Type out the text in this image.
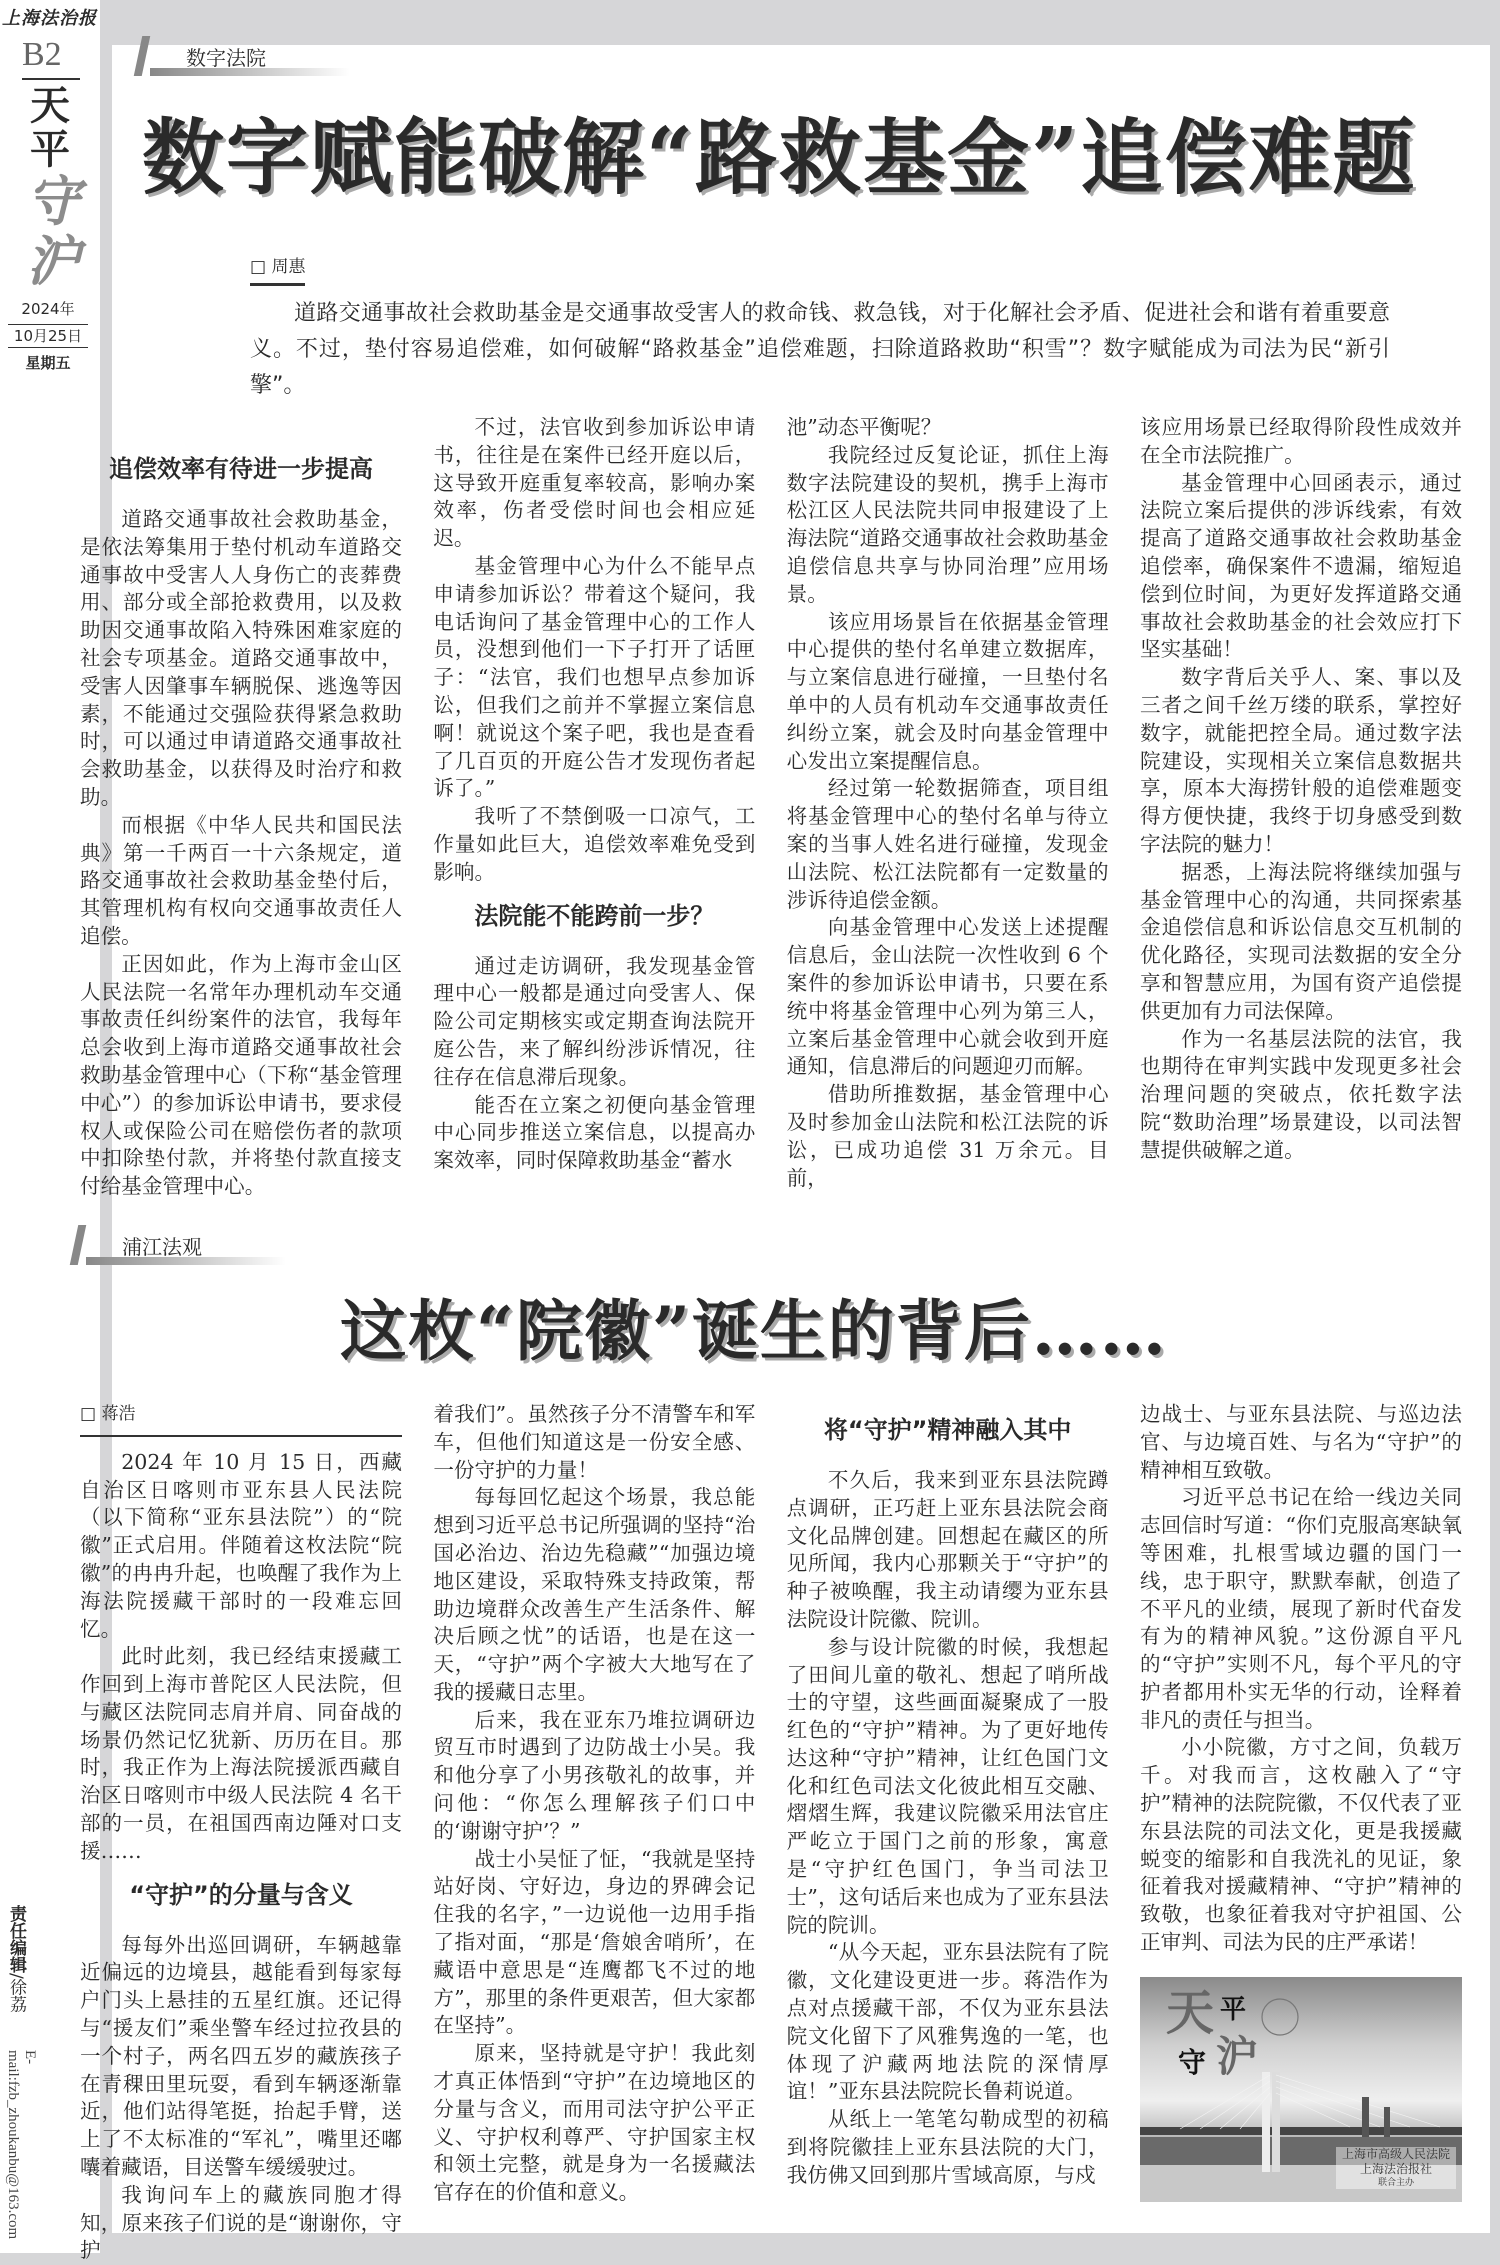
上海法治报
B2
天
平
守
沪
2024年
10月25日
星期五
责任编辑/徐荔
E-mail:fzb_zhoukanbu@163.com
数字法院
数字赋能破解“路救基金”追偿难题
□ 周惠
道路交通事故社会救助基金是交通事故受害人的救命钱、救急钱，对于化解社会矛盾、促进社会和谐有着重要意义。不过，垫付容易追偿难，如何破解“路救基金”追偿难题，扫除道路救助“积雪”？数字赋能成为司法为民“新引擎”。
追偿效率有待进一步提高

道路交通事故社会救助基金，是依法筹集用于垫付机动车道路交通事故中受害人人身伤亡的丧葬费用、部分或全部抢救费用，以及救助因交通事故陷入特殊困难家庭的社会专项基金。道路交通事故中，受害人因肇事车辆脱保、逃逸等因素，不能通过交强险获得紧急救助时，可以通过申请道路交通事故社会救助基金，以获得及时治疗和救助。

而根据《中华人民共和国民法典》第一千两百一十六条规定，道路交通事故社会救助基金垫付后，其管理机构有权向交通事故责任人追偿。

正因如此，作为上海市金山区人民法院一名常年办理机动车交通事故责任纠纷案件的法官，我每年总会收到上海市道路交通事故社会救助基金管理中心（下称“基金管理中心”）的参加诉讼申请书，要求侵权人或保险公司在赔偿伤者的款项中扣除垫付款，并将垫付款直接支付给基金管理中心。

不过，法官收到参加诉讼申请书，往往是在案件已经开庭以后，这导致开庭重复率较高，影响办案效率，伤者受偿时间也会相应延迟。

基金管理中心为什么不能早点申请参加诉讼？带着这个疑问，我电话询问了基金管理中心的工作人员，没想到他们一下子打开了话匣子：“法官，我们也想早点参加诉讼，但我们之前并不掌握立案信息啊！就说这个案子吧，我也是查看了几百页的开庭公告才发现伤者起诉了。”

我听了不禁倒吸一口凉气，工作量如此巨大，追偿效率难免受到影响。

法院能不能跨前一步？

通过走访调研，我发现基金管理中心一般都是通过向受害人、保险公司定期核实或定期查询法院开庭公告，来了解纠纷涉诉情况，往往存在信息滞后现象。

能否在立案之初便向基金管理中心同步推送立案信息，以提高办案效率，同时保障救助基金“蓄水

池”动态平衡呢？

我院经过反复论证，抓住上海数字法院建设的契机，携手上海市松江区人民法院共同申报建设了上海法院“道路交通事故社会救助基金追偿信息共享与协同治理”应用场景。

该应用场景旨在依据基金管理中心提供的垫付名单建立数据库，与立案信息进行碰撞，一旦垫付名单中的人员有机动车交通事故责任纠纷立案，就会及时向基金管理中心发出立案提醒信息。

经过第一轮数据筛查，项目组将基金管理中心的垫付名单与待立案的当事人姓名进行碰撞，发现金山法院、松江法院都有一定数量的涉诉待追偿金额。

向基金管理中心发送上述提醒信息后，金山法院一次性收到 6 个案件的参加诉讼申请书，只要在系统中将基金管理中心列为第三人，立案后基金管理中心就会收到开庭通知，信息滞后的问题迎刃而解。

借助所推数据，基金管理中心及时参加金山法院和松江法院的诉讼，已成功追偿 31 万余元。目前，

该应用场景已经取得阶段性成效并在全市法院推广。

基金管理中心回函表示，通过法院立案后提供的涉诉线索，有效提高了道路交通事故社会救助基金追偿率，确保案件不遗漏，缩短追偿到位时间，为更好发挥道路交通事故社会救助基金的社会效应打下坚实基础！

数字背后关乎人、案、事以及三者之间千丝万缕的联系，掌控好数字，就能把控全局。通过数字法院建设，实现相关立案信息数据共享，原本大海捞针般的追偿难题变得方便快捷，我终于切身感受到数字法院的魅力！

据悉，上海法院将继续加强与基金管理中心的沟通，共同探索基金追偿信息和诉讼信息交互机制的优化路径，实现司法数据的安全分享和智慧应用，为国有资产追偿提供更加有力司法保障。

作为一名基层法院的法官，我也期待在审判实践中发现更多社会治理问题的突破点，依托数字法院“数助治理”场景建设，以司法智慧提供破解之道。

浦江法观
这枚“院徽”诞生的背后……
□ 蒋浩

2024 年 10 月 15 日，西藏自治区日喀则市亚东县人民法院（以下简称“亚东县法院”）的“院徽”正式启用。伴随着这枚法院“院徽”的冉冉升起，也唤醒了我作为上海法院援藏干部时的一段难忘回忆。

此时此刻，我已经结束援藏工作回到上海市普陀区人民法院，但与藏区法院同志肩并肩、同奋战的场景仍然记忆犹新、历历在目。那时，我正作为上海法院援派西藏自治区日喀则市中级人民法院 4 名干部的一员，在祖国西南边陲对口支援……

“守护”的分量与含义

每每外出巡回调研，车辆越靠近偏远的边境县，越能看到每家每户门头上悬挂的五星红旗。还记得与“援友们”乘坐警车经过拉孜县的一个村子，两名四五岁的藏族孩子在青稞田里玩耍，看到车辆逐渐靠近，他们站得笔挺，抬起手臂，送上了不太标准的“军礼”，嘴里还嘟囔着藏语，目送警车缓缓驶过。

我询问车上的藏族同胞才得知，原来孩子们说的是“谢谢你，守护

着我们”。虽然孩子分不清警车和军车，但他们知道这是一份安全感、一份守护的力量！

每每回忆起这个场景，我总能想到习近平总书记所强调的坚持“治国必治边、治边先稳藏”“加强边境地区建设，采取特殊支持政策，帮助边境群众改善生产生活条件、解决后顾之忧”的话语，也是在这一天，“守护”两个字被大大地写在了我的援藏日志里。

后来，我在亚东乃堆拉调研边贸互市时遇到了边防战士小吴。我和他分享了小男孩敬礼的故事，并问他：“你怎么理解孩子们口中的‘谢谢守护’？”

战士小吴怔了怔，“我就是坚持站好岗、守好边，身边的界碑会记住我的名字，”一边说他一边用手指了指对面，“那是‘詹娘舍哨所’，在藏语中意思是“连鹰都飞不过的地方”，那里的条件更艰苦，但大家都在坚持”。

原来，坚持就是守护！我此刻才真正体悟到“守护”在边境地区的分量与含义，而用司法守护公平正义、守护权利尊严、守护国家主权和领土完整，就是身为一名援藏法官存在的价值和意义。

将“守护”精神融入其中

不久后，我来到亚东县法院蹲点调研，正巧赶上亚东县法院会商文化品牌创建。回想起在藏区的所见所闻，我内心那颗关于“守护”的种子被唤醒，我主动请缨为亚东县法院设计院徽、院训。

参与设计院徽的时候，我想起了田间儿童的敬礼、想起了哨所战士的守望，这些画面凝聚成了一股红色的“守护”精神。为了更好地传达这种“守护”精神，让红色国门文化和红色司法文化彼此相互交融、熠熠生辉，我建议院徽采用法官庄严屹立于国门之前的形象，寓意是“守护红色国门，争当司法卫士”，这句话后来也成为了亚东县法院的院训。

“从今天起，亚东县法院有了院徽，文化建设更进一步。蒋浩作为点对点援藏干部，不仅为亚东县法院文化留下了风雅隽逸的一笔，也体现了沪藏两地法院的深情厚谊！”亚东县法院院长鲁莉说道。

从纸上一笔笔勾勒成型的初稿到将院徽挂上亚东县法院的大门，我仿佛又回到那片雪域高原，与戍

边战士、与亚东县法院、与巡边法官、与边境百姓、与名为“守护”的精神相互致敬。

习近平总书记在给一线边关同志回信时写道：“你们克服高寒缺氧等困难，扎根雪域边疆的国门一线，忠于职守，默默奉献，创造了不平凡的业绩，展现了新时代奋发有为的精神风貌。”这份源自平凡的“守护”实则不凡，每个平凡的守护者都用朴实无华的行动，诠释着非凡的责任与担当。

小小院徽，方寸之间，负载万千。对我而言，这枚融入了“守护”精神的法院院徽，不仅代表了亚东县法院的司法文化，更是我援藏蜕变的缩影和自我洗礼的见证，象征着我对援藏精神、“守护”精神的致敬，也象征着我对守护祖国、公正审判、司法为民的庄严承诺！

天 平
守 沪
上海市高级人民法院
上海法治报社
联合主办
